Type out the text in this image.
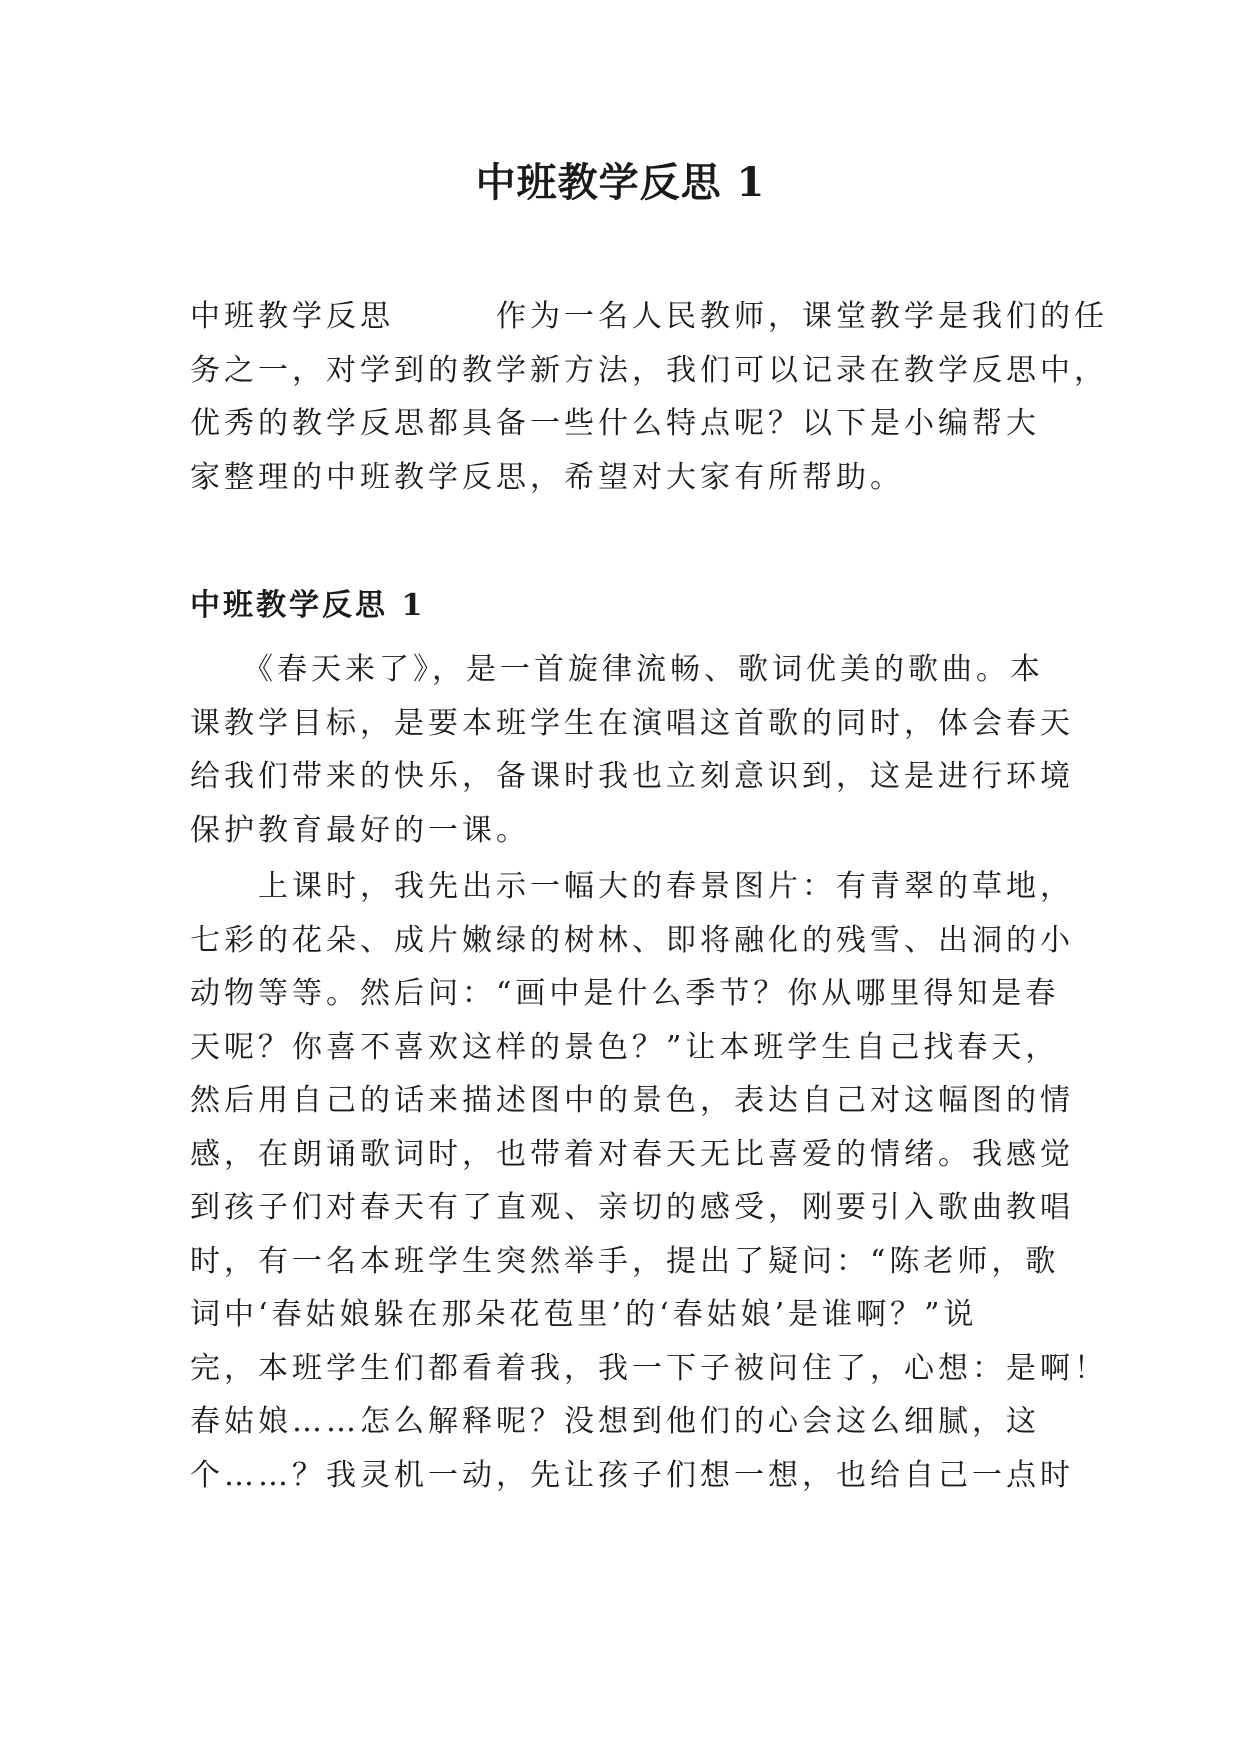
中班教学反思 1
中班教学反思　　　作为一名人民教师，课堂教学是我们的任
务之一，对学到的教学新方法，我们可以记录在教学反思中，
优秀的教学反思都具备一些什么特点呢？以下是小编帮大
家整理的中班教学反思，希望对大家有所帮助。
中班教学反思 1
　　《春天来了》，是一首旋律流畅、歌词优美的歌曲。本
课教学目标，是要本班学生在演唱这首歌的同时，体会春天
给我们带来的快乐，备课时我也立刻意识到，这是进行环境
保护教育最好的一课。
　　上课时，我先出示一幅大的春景图片：有青翠的草地，
七彩的花朵、成片嫩绿的树林、即将融化的残雪、出洞的小
动物等等。然后问：“画中是什么季节？你从哪里得知是春
天呢？你喜不喜欢这样的景色？”让本班学生自己找春天，
然后用自己的话来描述图中的景色，表达自己对这幅图的情
感，在朗诵歌词时，也带着对春天无比喜爱的情绪。我感觉
到孩子们对春天有了直观、亲切的感受，刚要引入歌曲教唱
时，有一名本班学生突然举手，提出了疑问：“陈老师，歌
词中‘春姑娘躲在那朵花苞里’的‘春姑娘’是谁啊？”说
完，本班学生们都看着我，我一下子被问住了，心想：是啊！
春姑娘……怎么解释呢？没想到他们的心会这么细腻，这
个……？我灵机一动，先让孩子们想一想，也给自己一点时
